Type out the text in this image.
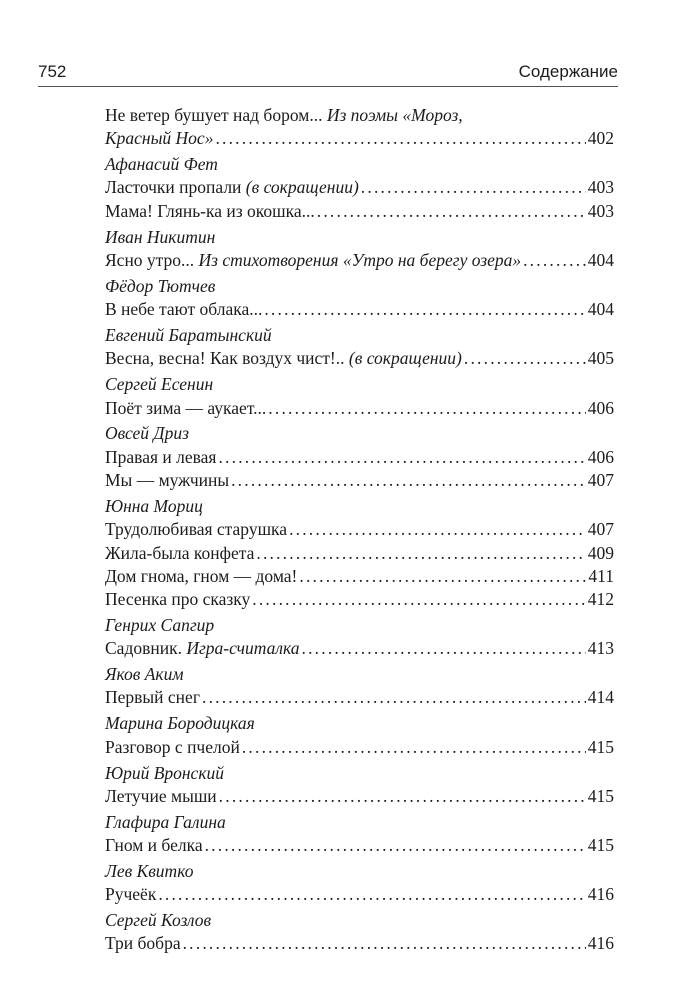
752	Содержание
Не ветер бушует над бором... Из поэмы «Мороз,
Красный Нос» .....	402
Афанасий Фет
Ласточки пропали (в сокращении) .....	403
Мама! Глянь-ка из окошка... .....	403
Иван Никитин
Ясно утро... Из стихотворения «Утро на берегу озера» .....	404
Фёдор Тютчев
В небе тают облака... .....	404
Евгений Баратынский
Весна, весна! Как воздух чист!.. (в сокращении) .....	405
Сергей Есенин
Поёт зима — аукает... .....	406
Овсей Дриз
Правая и левая .....	406
Мы — мужчины .....	407
Юнна Мориц
Трудолюбивая старушка .....	407
Жила-была конфета .....	409
Дом гнома, гном — дома! .....	411
Песенка про сказку .....	412
Генрих Сапгир
Садовник. Игра-считалка .....	413
Яков Аким
Первый снег .....	414
Марина Бородицкая
Разговор с пчелой .....	415
Юрий Вронский
Летучие мыши .....	415
Глафира Галина
Гном и белка .....	415
Лев Квитко
Ручеёк .....	416
Сергей Козлов
Три бобра .....	416
